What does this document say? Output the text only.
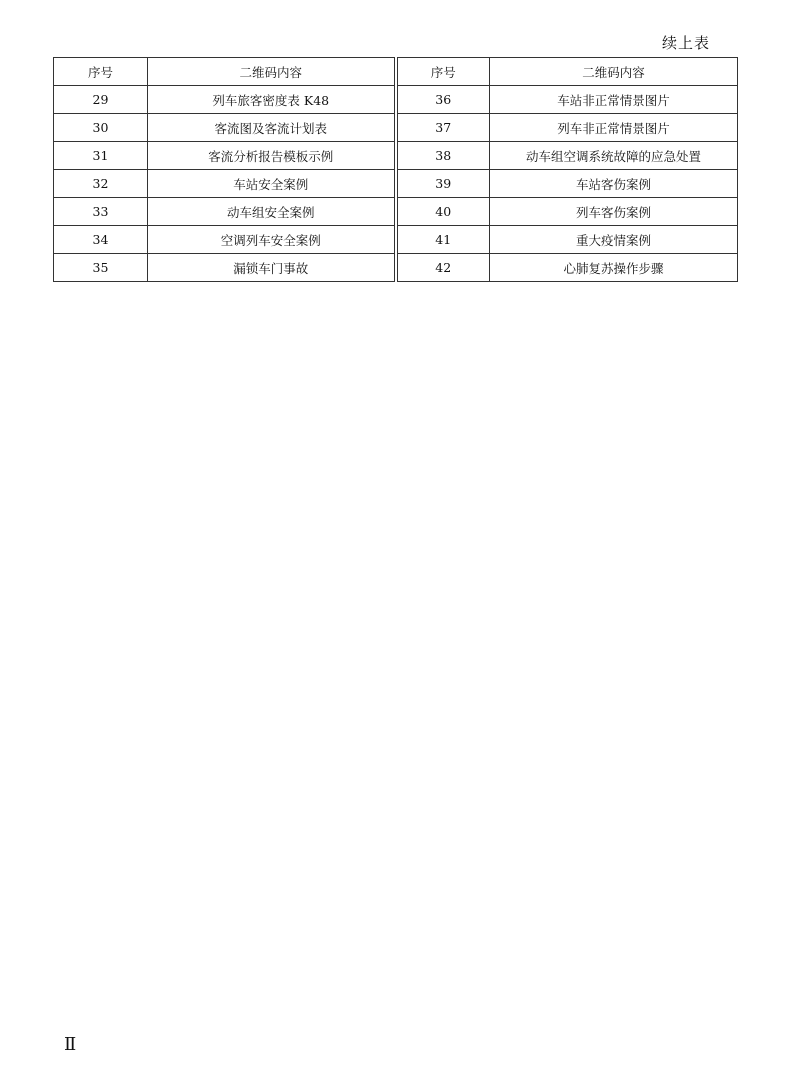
续上表
序号	二维码内容	序号	二维码内容
29	列车旅客密度表 K48	36	车站非正常情景图片
30	客流图及客流计划表	37	列车非正常情景图片
31	客流分析报告模板示例	38	动车组空调系统故障的应急处置
32	车站安全案例	39	车站客伤案例
33	动车组安全案例	40	列车客伤案例
34	空调列车安全案例	41	重大疫情案例
35	漏锁车门事故	42	心肺复苏操作步骤
Ⅱ
